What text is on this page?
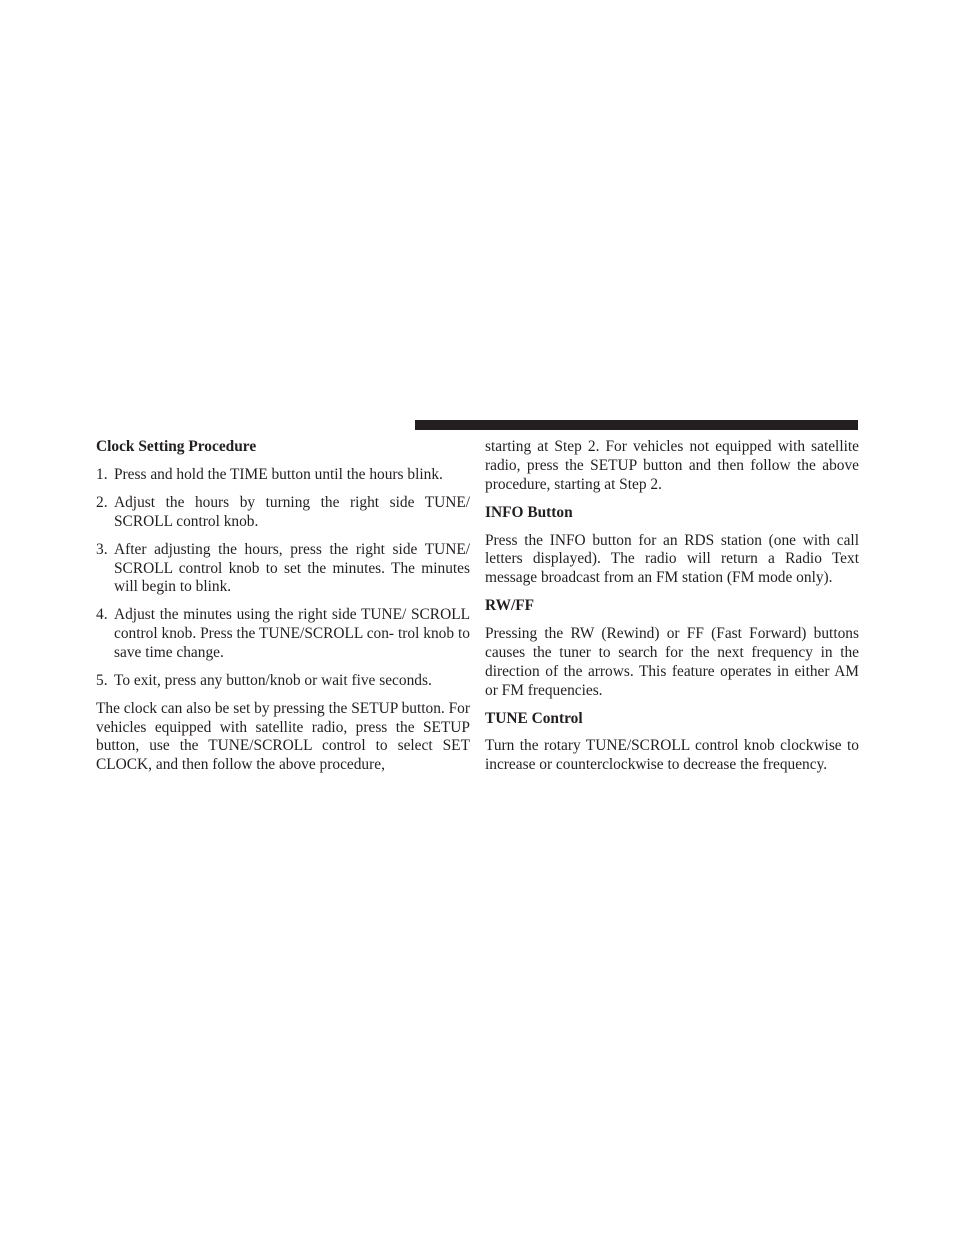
Clock Setting Procedure
1. Press and hold the TIME button until the hours blink.
2. Adjust the hours by turning the right side TUNE/ SCROLL control knob.
3. After adjusting the hours, press the right side TUNE/ SCROLL control knob to set the minutes. The minutes will begin to blink.
4. Adjust the minutes using the right side TUNE/ SCROLL control knob. Press the TUNE/SCROLL con- trol knob to save time change.
5. To exit, press any button/knob or wait five seconds.

The clock can also be set by pressing the SETUP button. For vehicles equipped with satellite radio, press the SETUP button, use the TUNE/SCROLL control to select SET CLOCK, and then follow the above procedure,

starting at Step 2. For vehicles not equipped with satellite radio, press the SETUP button and then follow the above procedure, starting at Step 2.

INFO Button

Press the INFO button for an RDS station (one with call letters displayed). The radio will return a Radio Text message broadcast from an FM station (FM mode only).

RW/FF

Pressing the RW (Rewind) or FF (Fast Forward) buttons causes the tuner to search for the next frequency in the direction of the arrows. This feature operates in either AM or FM frequencies.

TUNE Control

Turn the rotary TUNE/SCROLL control knob clockwise to increase or counterclockwise to decrease the frequency.
